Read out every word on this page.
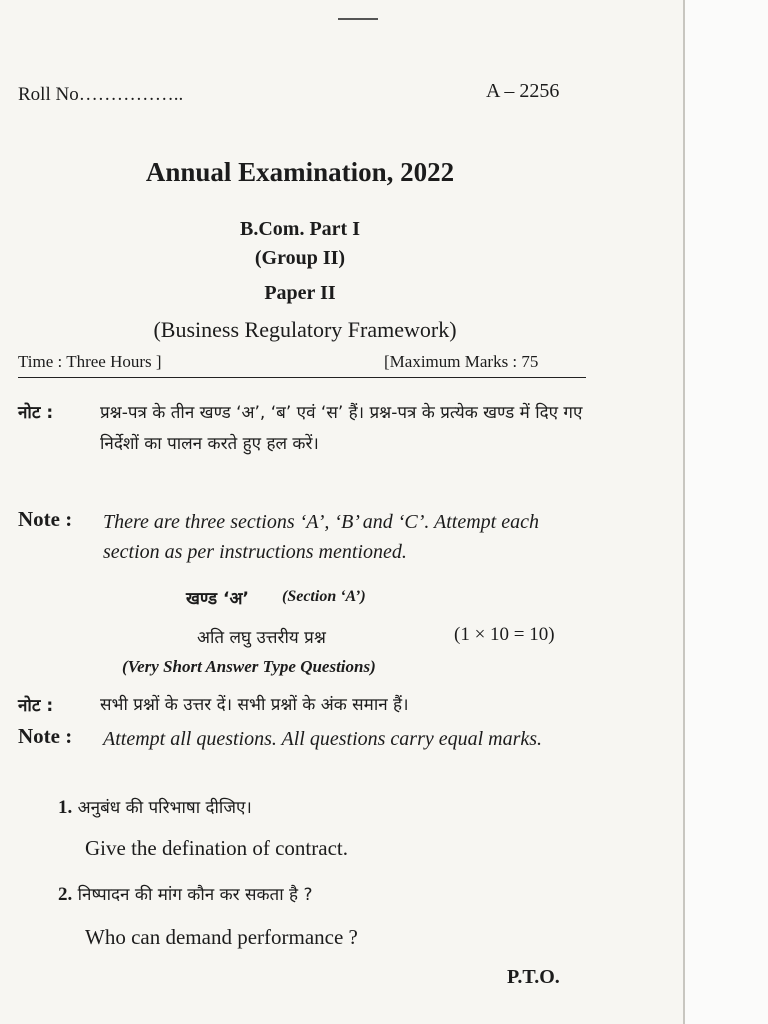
Roll No……………..	A – 2256
Annual Examination, 2022
B.Com. Part I
(Group II)
Paper II
(Business Regulatory Framework)
Time : Three Hours ]	[Maximum Marks : 75
नोट :	प्रश्न-पत्र के तीन खण्ड ‘अ’, ‘ब’ एवं ‘स’ हैं। प्रश्न-पत्र के प्रत्येक खण्ड में दिए गए निर्देशों का पालन करते हुए हल करें।
Note : There are three sections ‘A’, ‘B’ and ‘C’. Attempt each section as per instructions mentioned.
खण्ड ‘अ’ (Section ‘A’)
अति लघु उत्तरीय प्रश्न	(1 × 10 = 10)
(Very Short Answer Type Questions)
नोट :	सभी प्रश्नों के उत्तर दें। सभी प्रश्नों के अंक समान हैं।
Note : Attempt all questions. All questions carry equal marks.
1. अनुबंध की परिभाषा दीजिए।
Give the defination of contract.
2. निष्पादन की मांग कौन कर सकता है ?
Who can demand performance ?
P.T.O.
